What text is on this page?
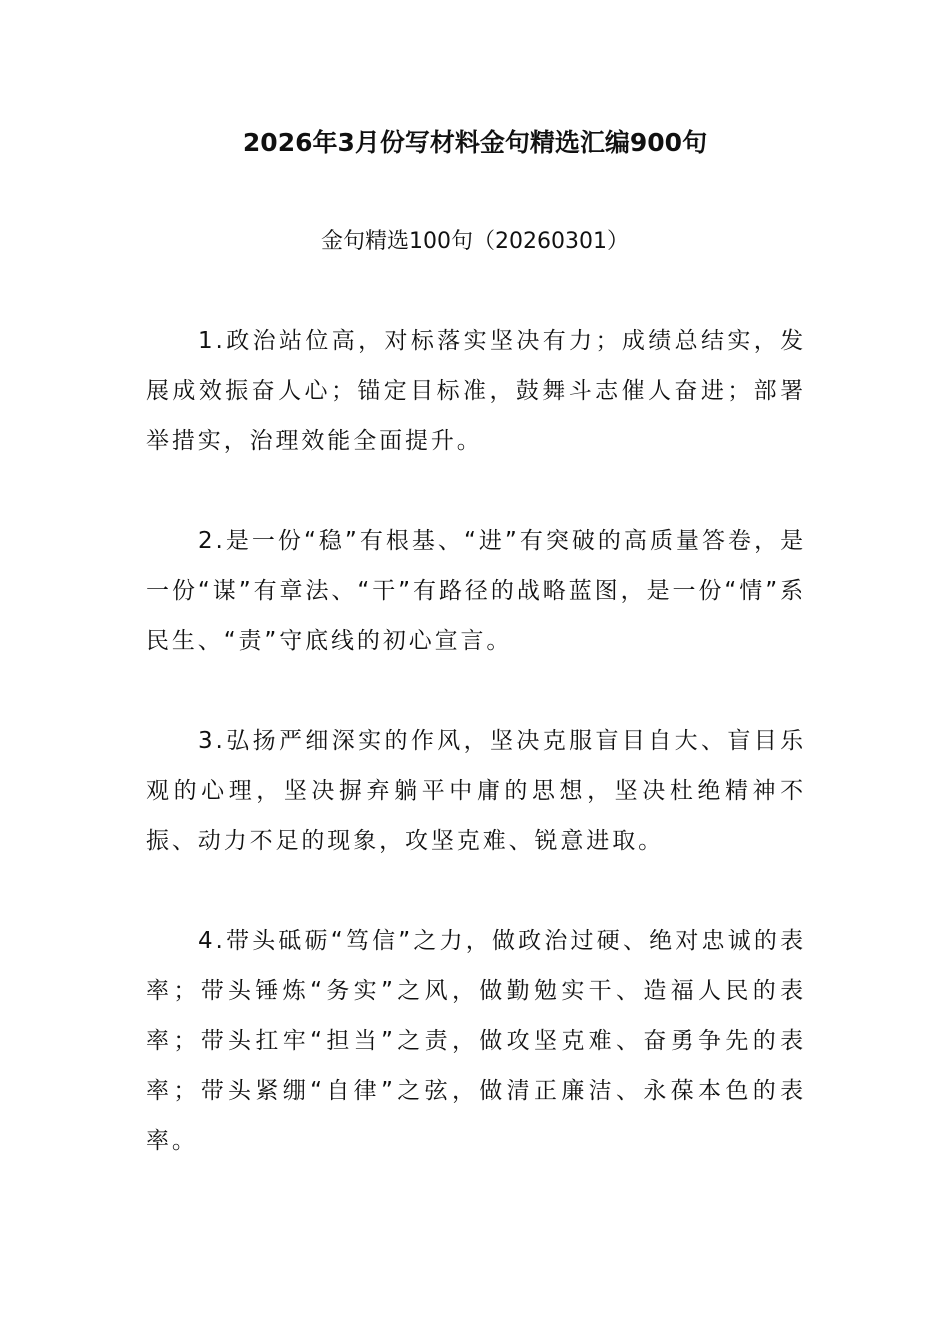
2026年3月份写材料金句精选汇编900句
金句精选100句（20260301）

1.政治站位高，对标落实坚决有力；成绩总结实，发展成效振奋人心；锚定目标准，鼓舞斗志催人奋进；部署举措实，治理效能全面提升。

2.是一份“稳”有根基、“进”有突破的高质量答卷，是一份“谋”有章法、“干”有路径的战略蓝图，是一份“情”系民生、“责”守底线的初心宣言。

3.弘扬严细深实的作风，坚决克服盲目自大、盲目乐观的心理，坚决摒弃躺平中庸的思想，坚决杜绝精神不振、动力不足的现象，攻坚克难、锐意进取。

4.带头砥砺“笃信”之力，做政治过硬、绝对忠诚的表率；带头锤炼“务实”之风，做勤勉实干、造福人民的表率；带头扛牢“担当”之责，做攻坚克难、奋勇争先的表率；带头紧绷“自律”之弦，做清正廉洁、永葆本色的表率。
